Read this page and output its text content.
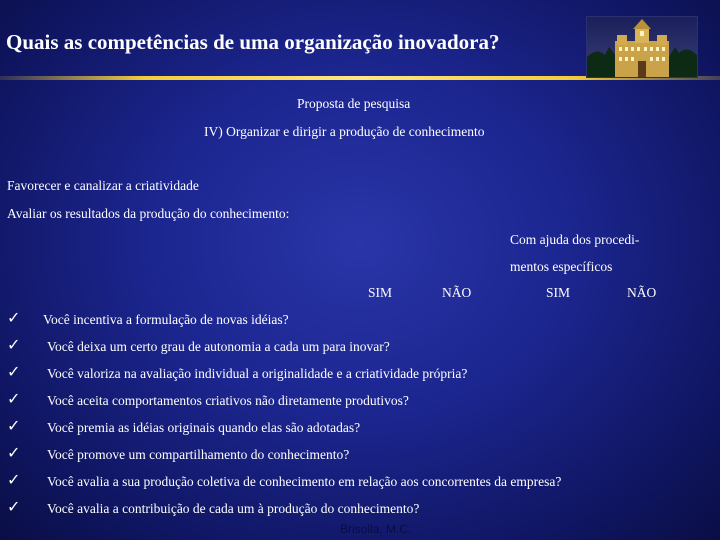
Quais as competências de uma organização inovadora?
Proposta de pesquisa
IV) Organizar e dirigir a produção de conhecimento
Favorecer e canalizar a criatividade
Avaliar os resultados da produção do conhecimento:
Com ajuda dos procedi-
mentos específicos
SIM	NÃO	SIM	NÃO
✓ Você incentiva a formulação de novas idéias?
✓ Você deixa um certo grau de autonomia a cada um para inovar?
✓ Você valoriza na avaliação individual a originalidade e a criatividade própria?
✓ Você aceita comportamentos criativos não diretamente produtivos?
✓ Você premia as idéias originais quando elas são adotadas?
✓ Você promove um compartilhamento do conhecimento?
✓ Você avalia a sua produção coletiva de conhecimento em relação aos concorrentes da empresa?
✓ Você avalia a contribuição de cada um à produção do conhecimento?
Brisolla, M.C.
